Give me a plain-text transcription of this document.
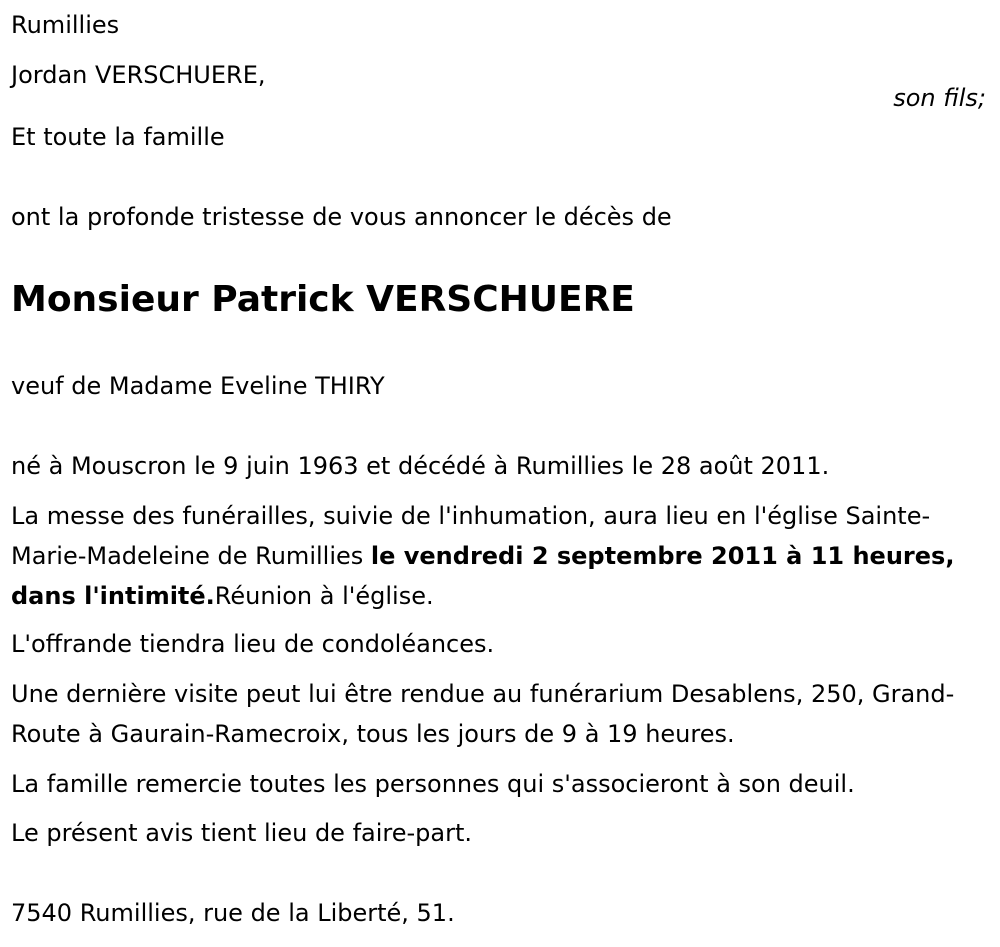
Rumillies

Jordan VERSCHUERE,

son fils;

Et toute la famille

ont la profonde tristesse de vous annoncer le décès de

Monsieur Patrick VERSCHUERE

veuf de Madame Eveline THIRY

né à Mouscron le 9 juin 1963 et décédé à Rumillies le 28 août 2011.

La messe des funérailles, suivie de l'inhumation, aura lieu en l'église Sainte-Marie-Madeleine de Rumillies le vendredi 2 septembre 2011 à 11 heures, dans l'intimité.Réunion à l'église.

L'offrande tiendra lieu de condoléances.

Une dernière visite peut lui être rendue au funérarium Desablens, 250, Grand-Route à Gaurain-Ramecroix, tous les jours de 9 à 19 heures.

La famille remercie toutes les personnes qui s'associeront à son deuil.

Le présent avis tient lieu de faire-part.

7540 Rumillies, rue de la Liberté, 51.
